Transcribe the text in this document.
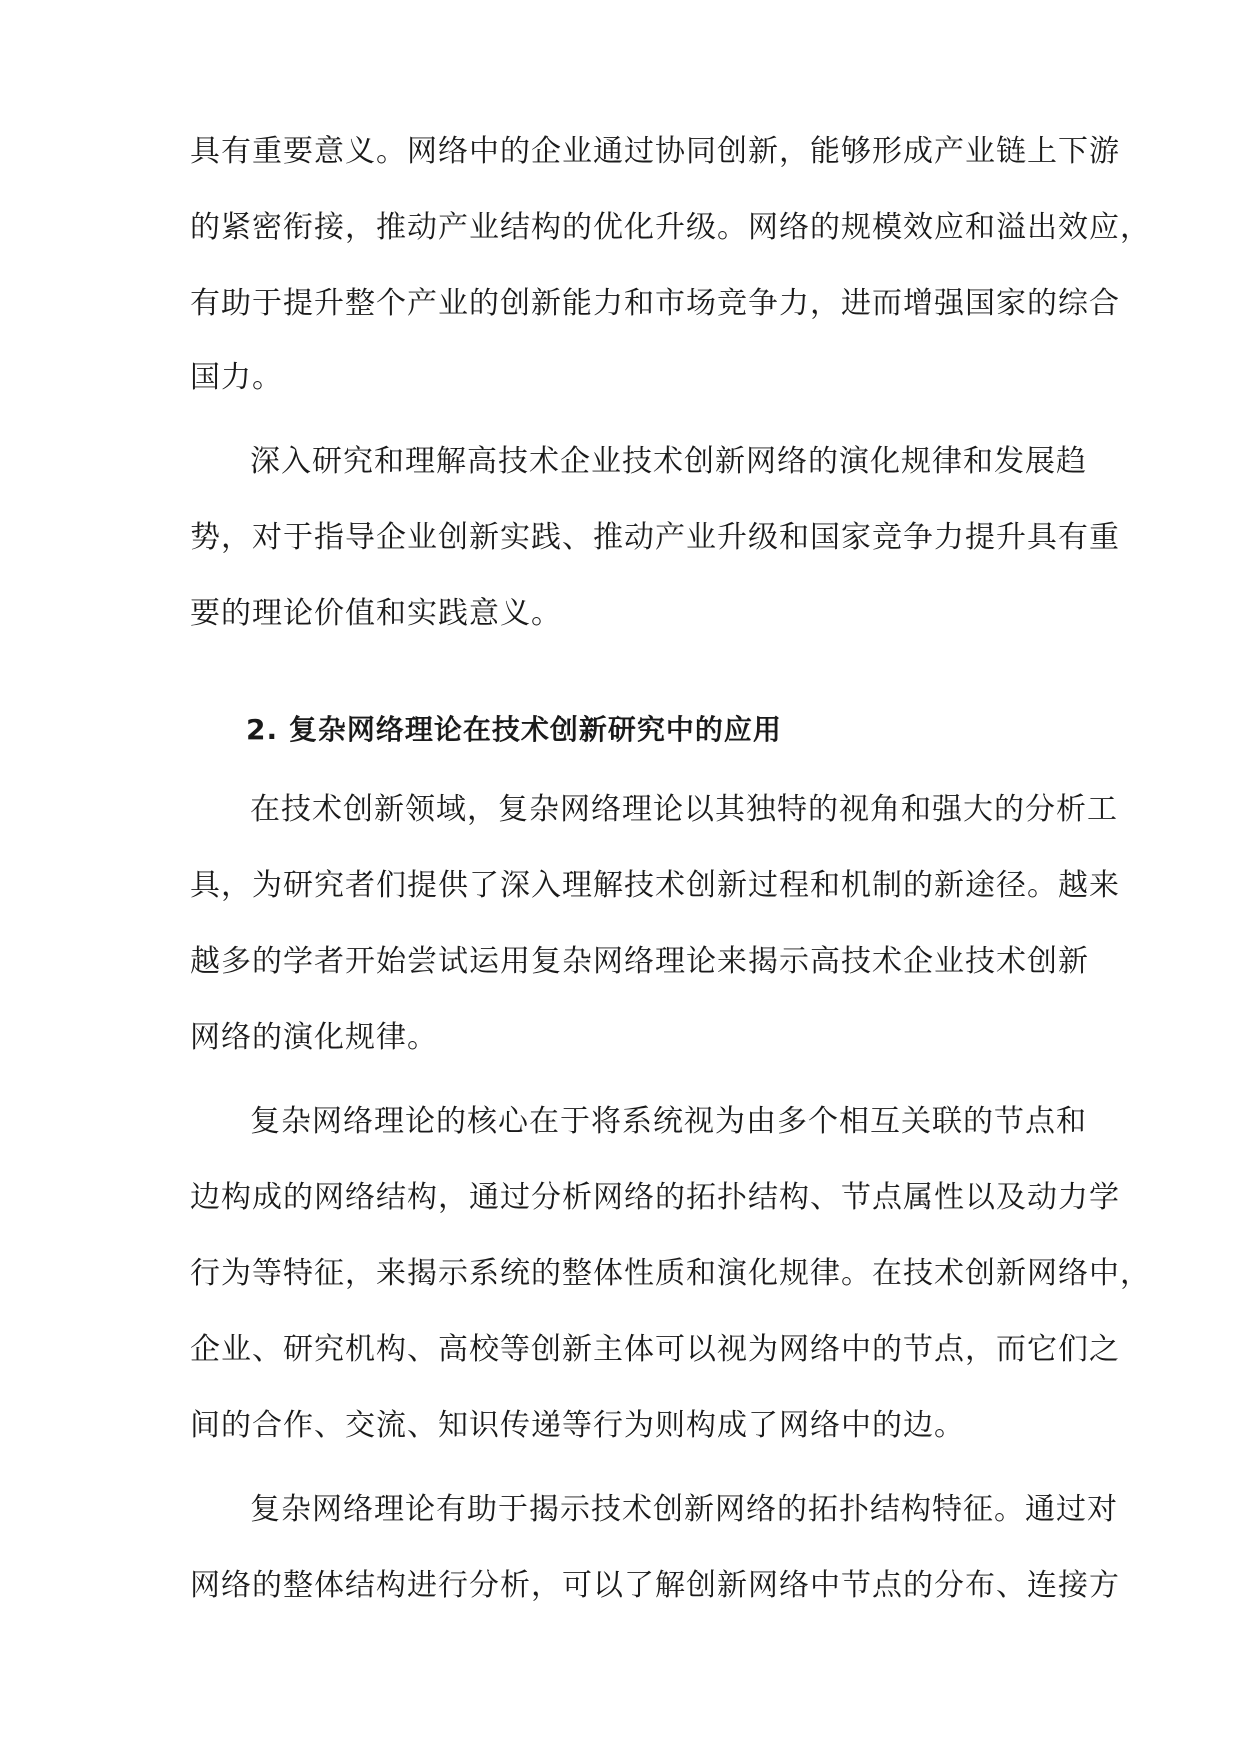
具有重要意义。网络中的企业通过协同创新，能够形成产业链上下游
的紧密衔接，推动产业结构的优化升级。网络的规模效应和溢出效应，
有助于提升整个产业的创新能力和市场竞争力，进而增强国家的综合
国力。
深入研究和理解高技术企业技术创新网络的演化规律和发展趋
势，对于指导企业创新实践、推动产业升级和国家竞争力提升具有重
要的理论价值和实践意义。
2. 复杂网络理论在技术创新研究中的应用
在技术创新领域，复杂网络理论以其独特的视角和强大的分析工
具，为研究者们提供了深入理解技术创新过程和机制的新途径。越来
越多的学者开始尝试运用复杂网络理论来揭示高技术企业技术创新
网络的演化规律。
复杂网络理论的核心在于将系统视为由多个相互关联的节点和
边构成的网络结构，通过分析网络的拓扑结构、节点属性以及动力学
行为等特征，来揭示系统的整体性质和演化规律。在技术创新网络中，
企业、研究机构、高校等创新主体可以视为网络中的节点，而它们之
间的合作、交流、知识传递等行为则构成了网络中的边。
复杂网络理论有助于揭示技术创新网络的拓扑结构特征。通过对
网络的整体结构进行分析，可以了解创新网络中节点的分布、连接方
